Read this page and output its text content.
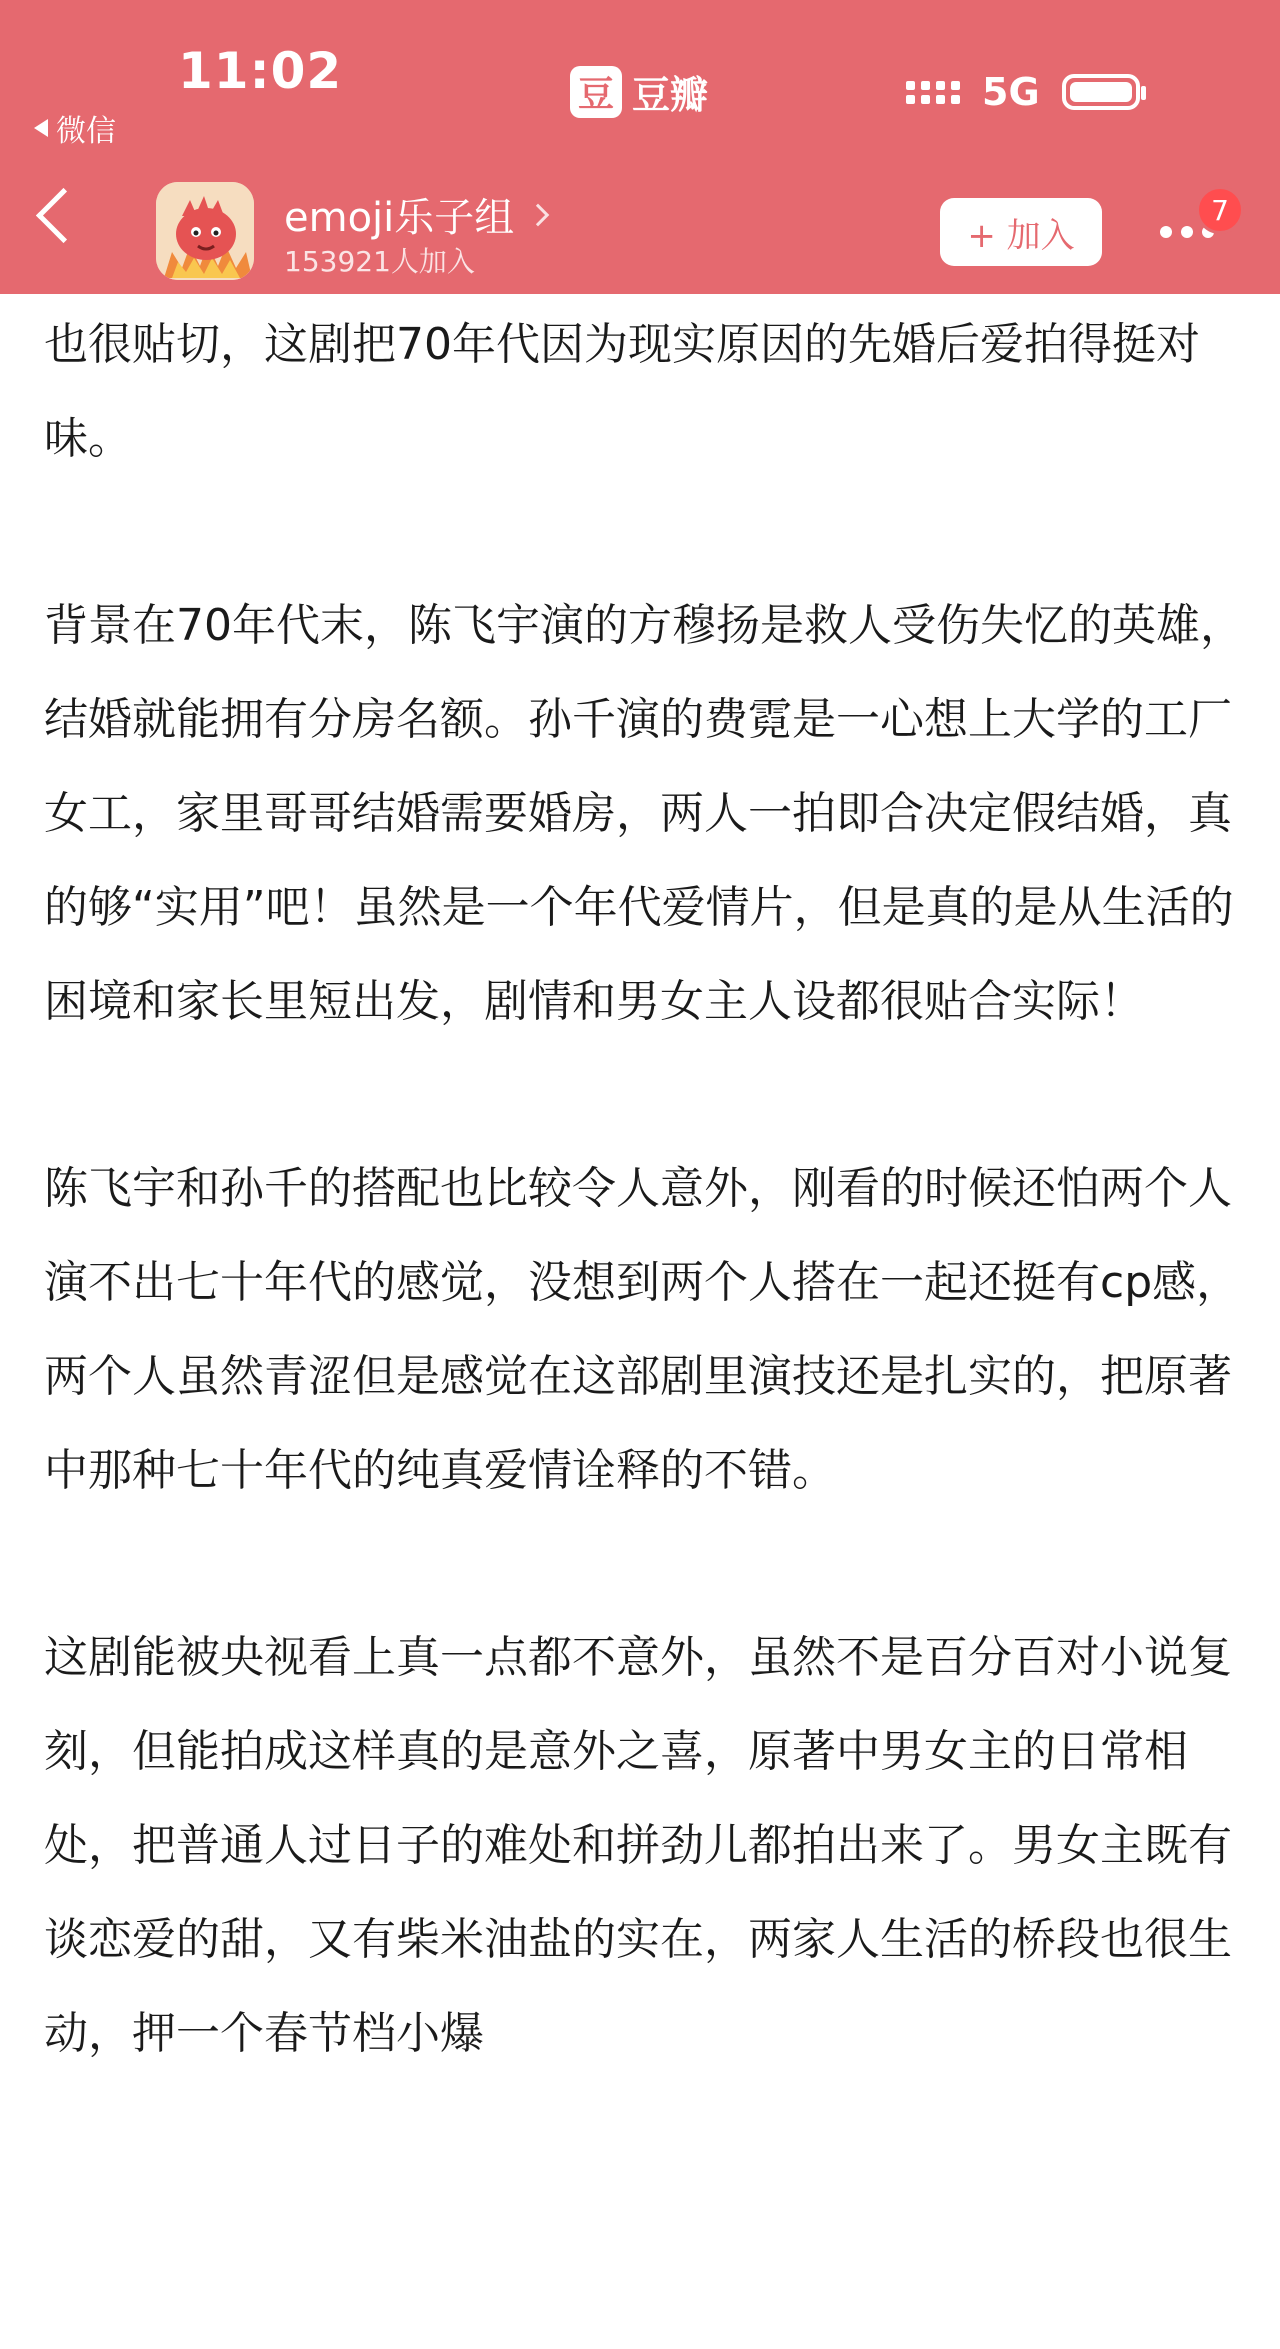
11:02
微信
豆 豆瓣	5G
emoji乐子组
153921人加入
+ 加入
7

也很贴切，这剧把70年代因为现实原因的先婚后爱拍得挺对味。

背景在70年代末，陈飞宇演的方穆扬是救人受伤失忆的英雄，结婚就能拥有分房名额。孙千演的费霓是一心想上大学的工厂女工，家里哥哥结婚需要婚房，两人一拍即合决定假结婚，真的够“实用”吧！虽然是一个年代爱情片，但是真的是从生活的困境和家长里短出发，剧情和男女主人设都很贴合实际！

陈飞宇和孙千的搭配也比较令人意外，刚看的时候还怕两个人演不出七十年代的感觉，没想到两个人搭在一起还挺有cp感，两个人虽然青涩但是感觉在这部剧里演技还是扎实的，把原著中那种七十年代的纯真爱情诠释的不错。

这剧能被央视看上真一点都不意外，虽然不是百分百对小说复刻，但能拍成这样真的是意外之喜，原著中男女主的日常相处，把普通人过日子的难处和拼劲儿都拍出来了。男女主既有谈恋爱的甜，又有柴米油盐的实在，两家人生活的桥段也很生动，押一个春节档小爆
